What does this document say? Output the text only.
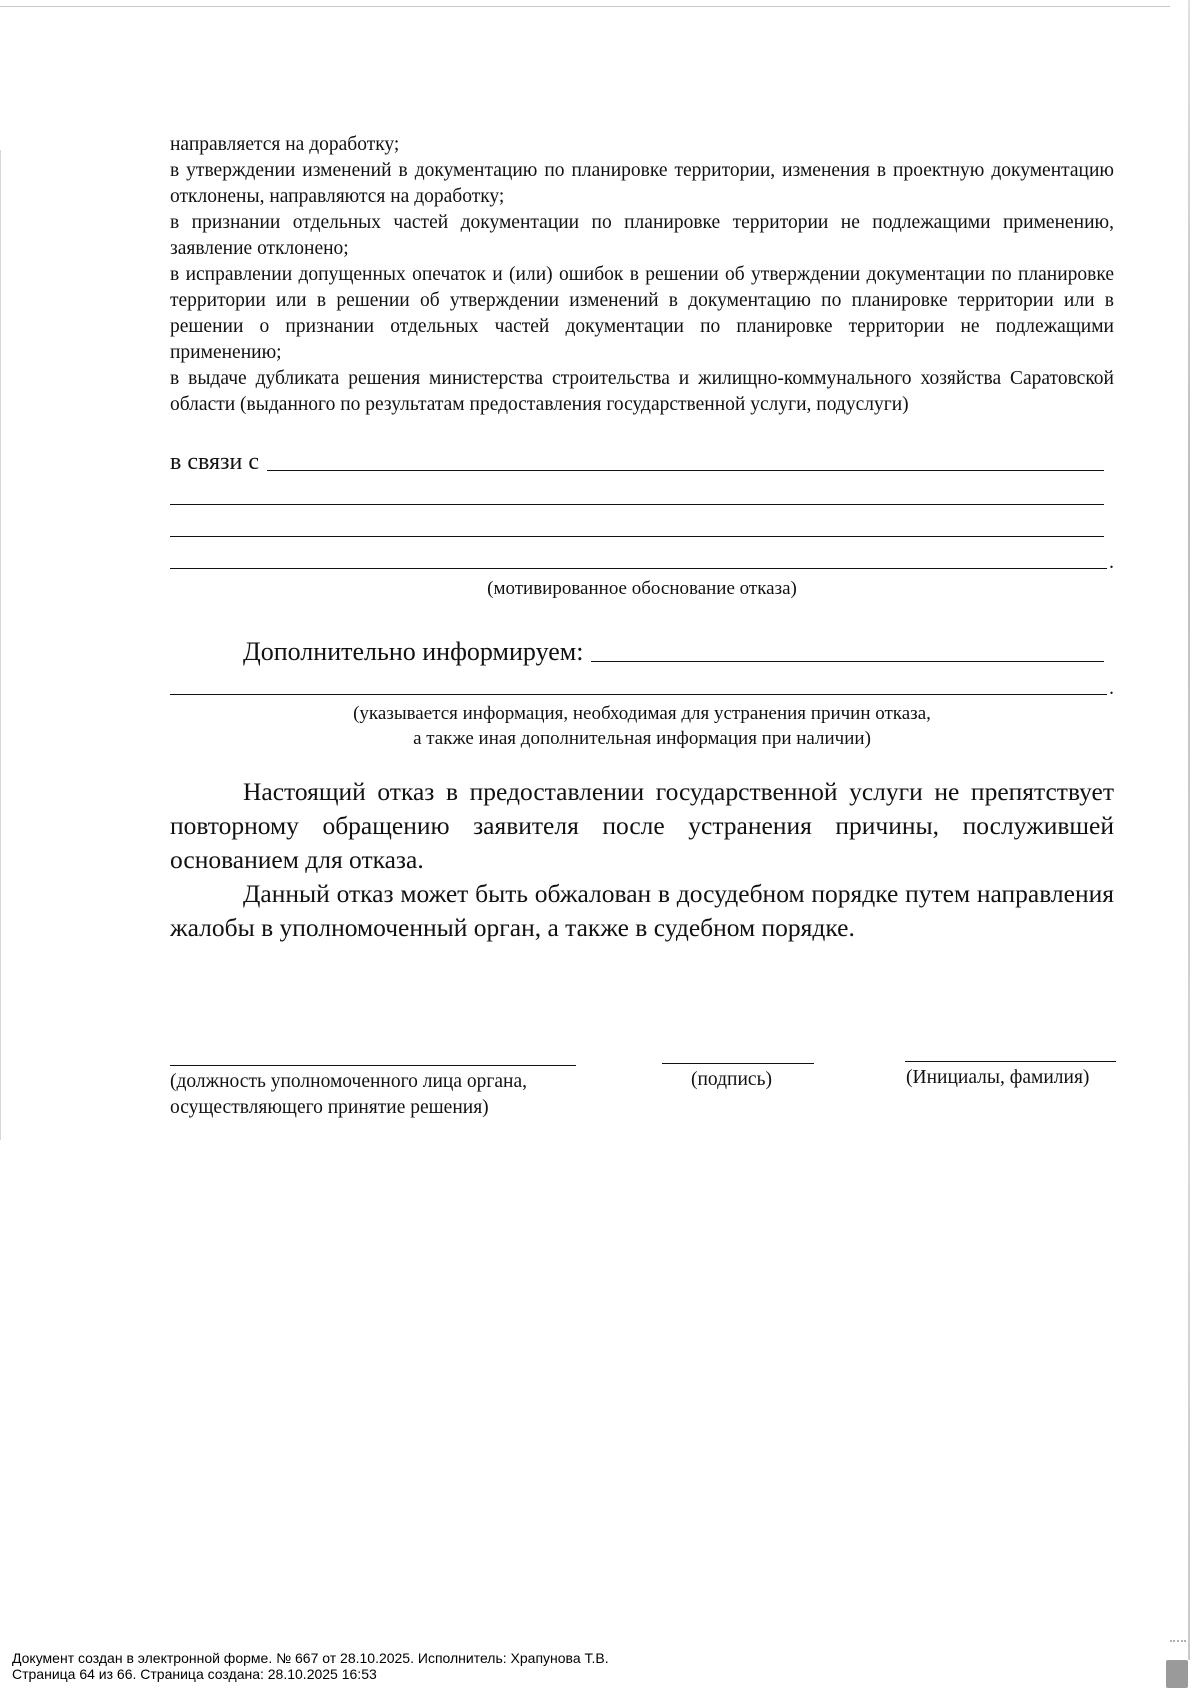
направляется на доработку;

в утверждении изменений в документацию по планировке территории, изменения в проектную документацию отклонены, направляются на доработку;

в признании отдельных частей документации по планировке территории не подлежащими применению, заявление отклонено;

в исправлении допущенных опечаток и (или) ошибок в решении об утверждении документации по планировке территории или в решении об утверждении изменений в документацию по планировке территории или в решении о признании отдельных частей документации по планировке территории не подлежащими применению;

в выдаче дубликата решения министерства строительства и жилищно-коммунального хозяйства Саратовской области (выданного по результатам предоставления государственной услуги, подуслуги)

в связи с
.
(мотивированное обоснование отказа)
Дополнительно информируем:
.
(указывается информация, необходимая для устранения причин отказа,
а также иная дополнительная информация при наличии)

Настоящий отказ в предоставлении государственной услуги не препятствует повторному обращению заявителя после устранения причины, послужившей основанием для отказа.

Данный отказ может быть обжалован в досудебном порядке путем направления жалобы в уполномоченный орган, а также в судебном порядке.

(должность уполномоченного лица органа,
осуществляющего принятие решения)
(подпись)	(Инициалы, фамилия)
Документ создан в электронной форме. № 667 от 28.10.2025. Исполнитель: Храпунова Т.В.
Страница 64 из 66. Страница создана: 28.10.2025 16:53
